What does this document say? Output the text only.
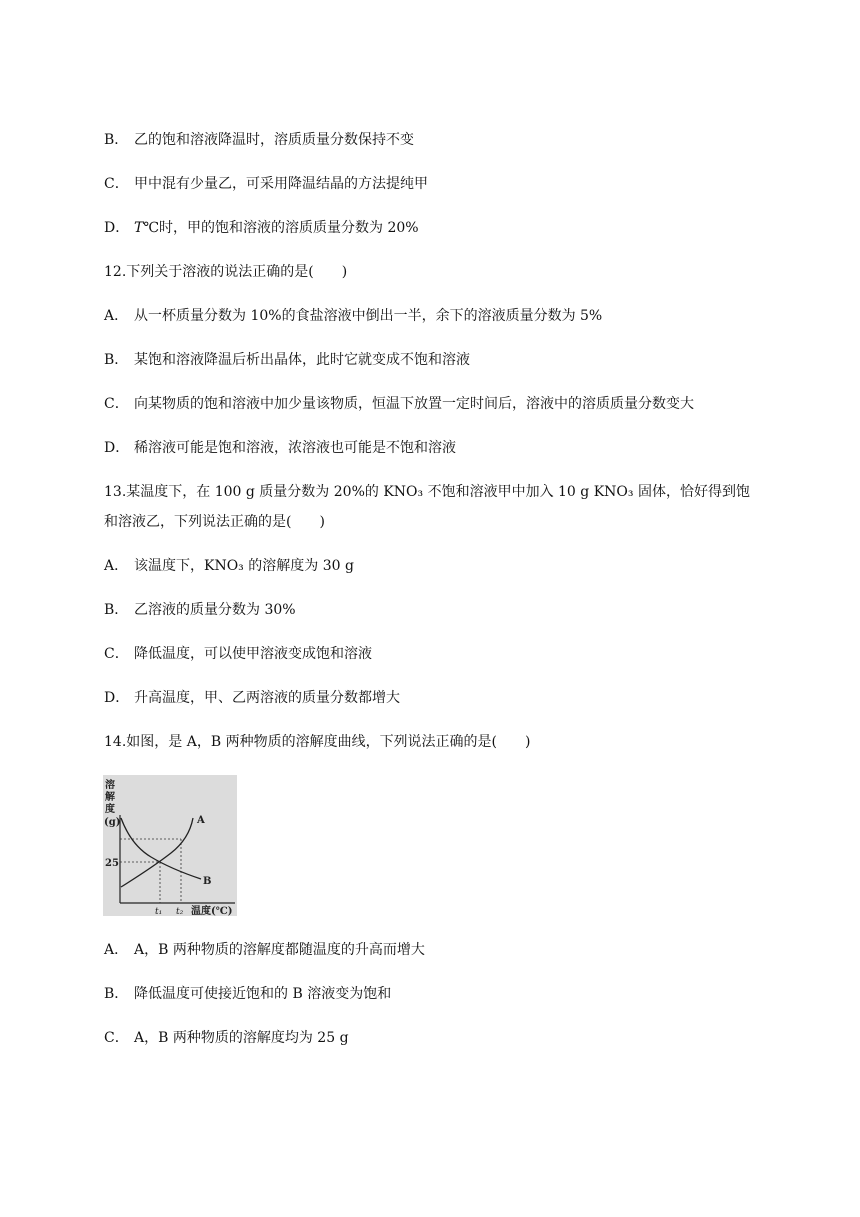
B． 乙的饱和溶液降温时，溶质质量分数保持不变
C． 甲中混有少量乙，可采用降温结晶的方法提纯甲
D． T℃时，甲的饱和溶液的溶质质量分数为 20%
12.下列关于溶液的说法正确的是(　　)
A． 从一杯质量分数为 10%的食盐溶液中倒出一半，余下的溶液质量分数为 5%
B． 某饱和溶液降温后析出晶体，此时它就变成不饱和溶液
C． 向某物质的饱和溶液中加少量该物质，恒温下放置一定时间后，溶液中的溶质质量分数变大
D． 稀溶液可能是饱和溶液，浓溶液也可能是不饱和溶液
13.某温度下，在 100 g 质量分数为 20%的 KNO₃ 不饱和溶液甲中加入 10 g KNO₃ 固体，恰好得到饱
和溶液乙，下列说法正确的是(　　)
A． 该温度下，KNO₃ 的溶解度为 30 g
B． 乙溶液的质量分数为 30%
C． 降低温度，可以使甲溶液变成饱和溶液
D． 升高温度，甲、乙两溶液的质量分数都增大
14.如图，是 A，B 两种物质的溶解度曲线，下列说法正确的是(　　)
溶
解
度
(g)
25
A
B
t₁ t₂ 温度(℃)
A． A，B 两种物质的溶解度都随温度的升高而增大
B． 降低温度可使接近饱和的 B 溶液变为饱和
C． A，B 两种物质的溶解度均为 25 g
